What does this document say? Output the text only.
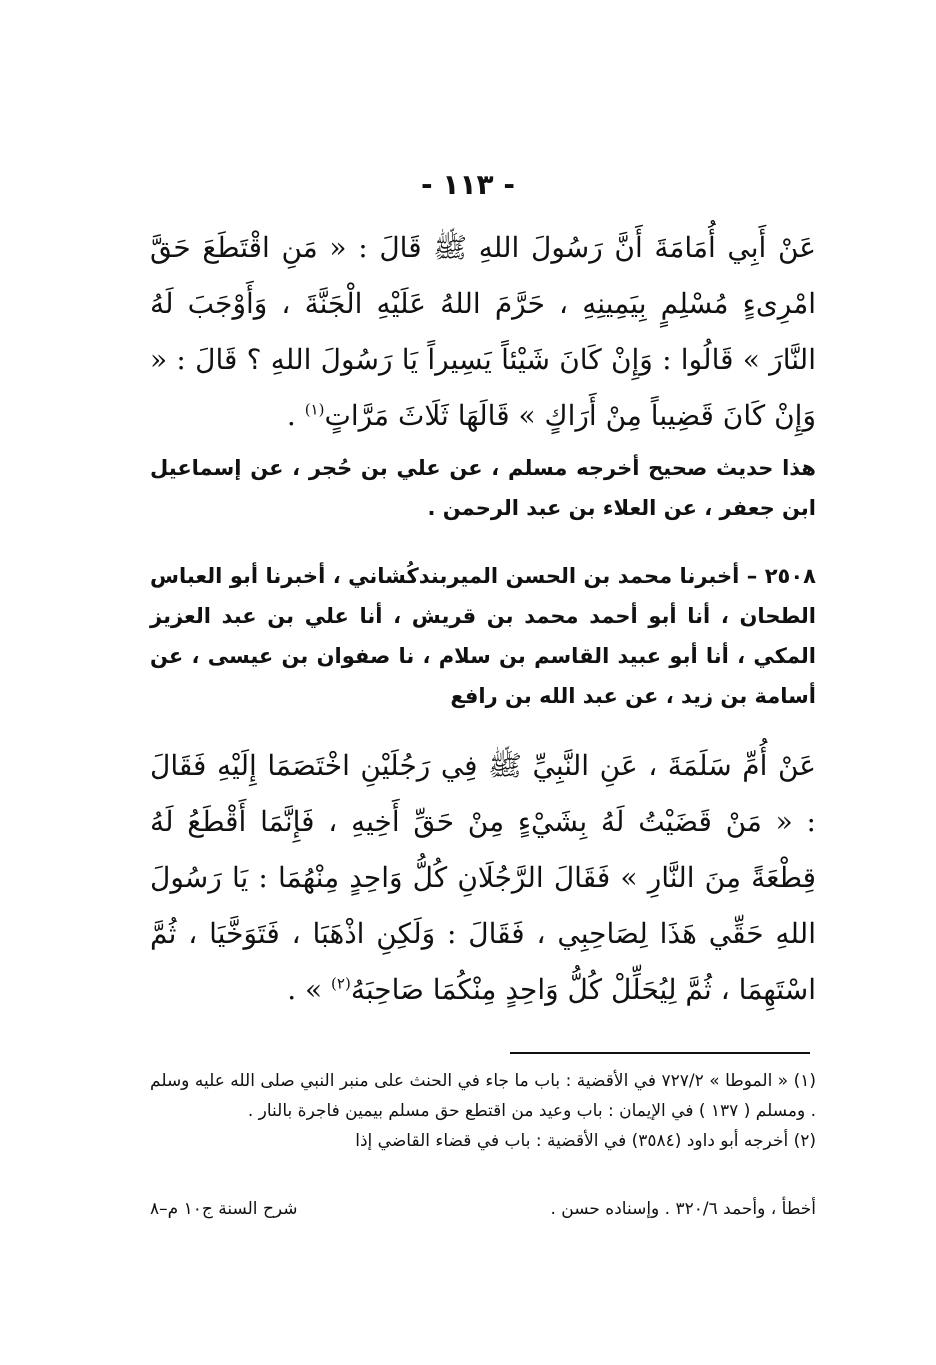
- ١١٣ -
عَنْ أَبِي أُمَامَةَ أَنَّ رَسُولَ اللهِ ﷺ قَالَ : « مَنِ اقْتَطَعَ حَقَّ امْرِىءٍ مُسْلِمٍ بِيَمِينِهِ ، حَرَّمَ اللهُ عَلَيْهِ الْجَنَّةَ ، وَأَوْجَبَ لَهُ النَّارَ » قَالُوا : وَإِنْ كَانَ شَيْئاً يَسِيراً يَا رَسُولَ اللهِ ؟ قَالَ : « وَإِنْ كَانَ قَضِيباً مِنْ أَرَاكٍ » قَالَهَا ثَلَاثَ مَرَّاتٍ$^{(١)}$ .
هذا حديث صحيح أخرجه مسلم ، عن علي بن حُجر ، عن إسماعيل ابن جعفر ، عن العلاء بن عبد الرحمن .
٢٥٠٨ – أخبرنا محمد بن الحسن الميربندكُشاني ، أخبرنا أبو العباس الطحان ، أنا أبو أحمد محمد بن قريش ، أنا علي بن عبد العزيز المكي ، أنا أبو عبيد القاسم بن سلام ، نا صفوان بن عيسى ، عن أسامة بن زيد ، عن عبد الله بن رافع
عَنْ أُمِّ سَلَمَةَ ، عَنِ النَّبِيِّ ﷺ فِي رَجُلَيْنِ اخْتَصَمَا إِلَيْهِ فَقَالَ : « مَنْ قَضَيْتُ لَهُ بِشَيْءٍ مِنْ حَقِّ أَخِيهِ ، فَإِنَّمَا أَقْطَعُ لَهُ قِطْعَةً مِنَ النَّارِ » فَقَالَ الرَّجُلَانِ كُلُّ وَاحِدٍ مِنْهُمَا : يَا رَسُولَ اللهِ حَقِّي هَذَا لِصَاحِبِي ، فَقَالَ : وَلَكِنِ اذْهَبَا ، فَتَوَخَّيَا ، ثُمَّ اسْتَهِمَا ، ثُمَّ لِيُحَلِّلْ كُلُّ وَاحِدٍ مِنْكُمَا صَاحِبَهُ$^{(٢)}$ » .

(١) « الموطا » ٧٢٧/٢ في الأقضية : باب ما جاء في الحنث على منبر النبي صلى الله عليه وسلم . ومسلم ( ١٣٧ ) في الإيمان : باب وعيد من اقتطع حق مسلم بيمين فاجرة بالنار .

(٢) أخرجه أبو داود (٣٥٨٤) في الأقضية : باب في قضاء القاضي إذا

أخطأ ، وأحمد ٣٢٠/٦ . وإسناده حسن .
شرح السنة ج١٠ م–٨
